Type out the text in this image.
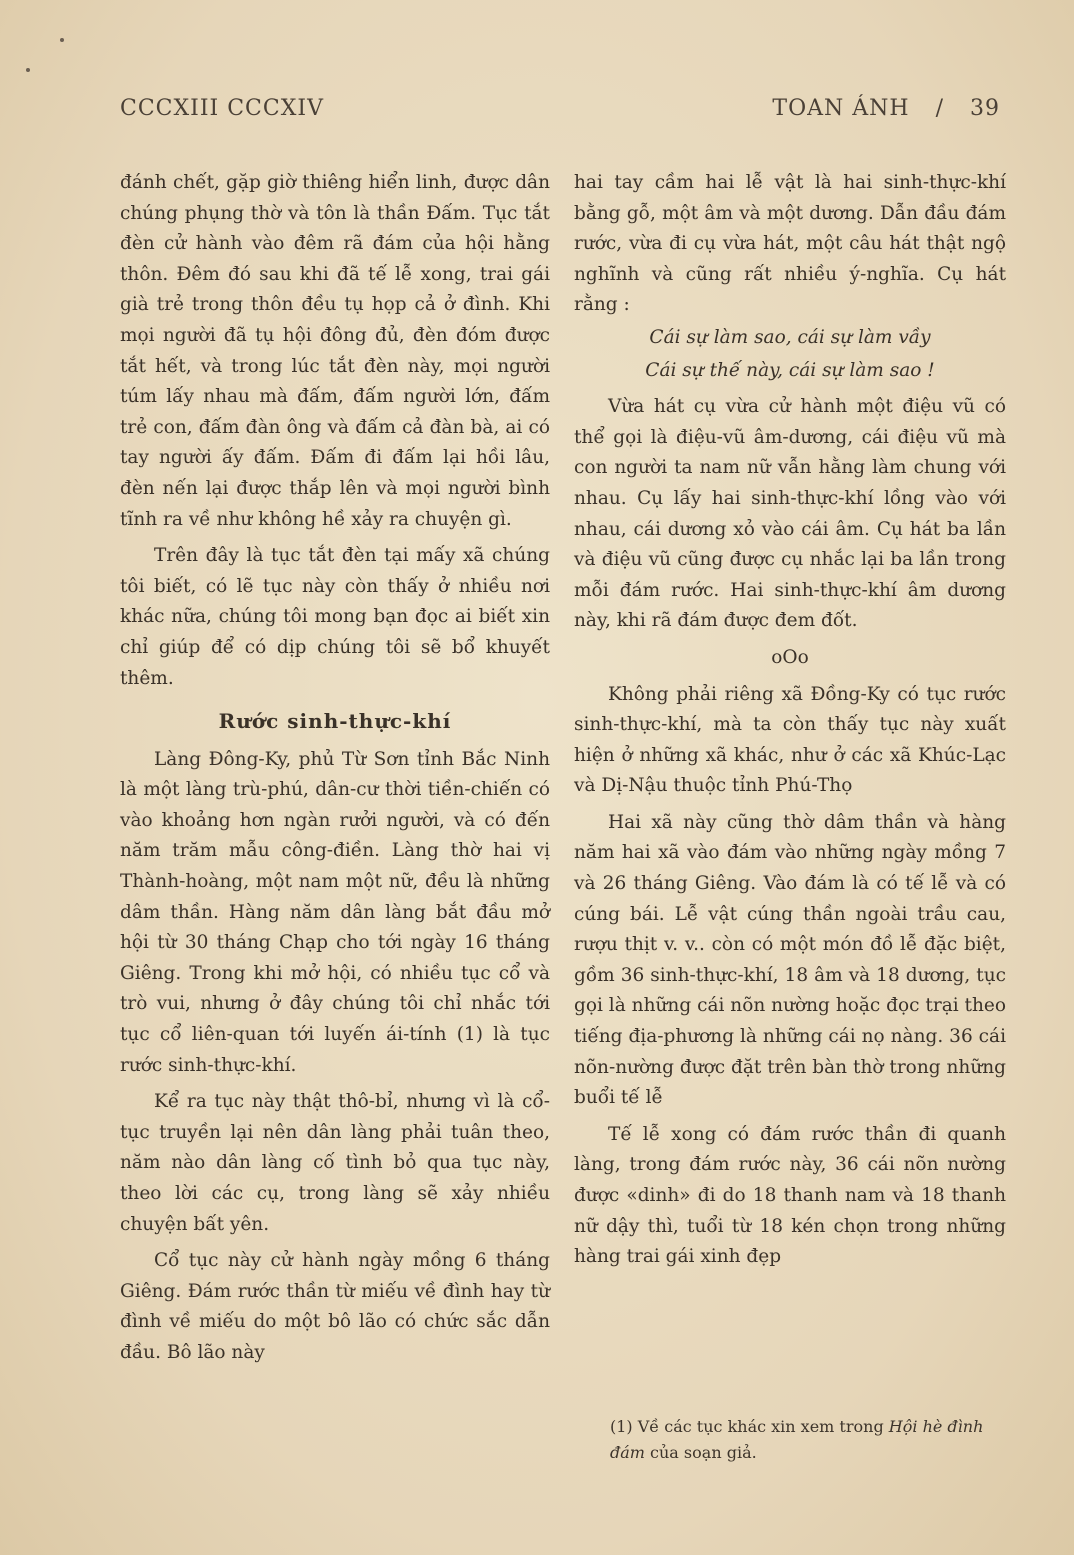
CCCXIII CCCXIV	TOAN ÁNH / 39

đánh chết, gặp giờ thiêng hiển linh, được dân chúng phụng thờ và tôn là thần Đấm. Tục tắt đèn cử hành vào đêm rã đám của hội hằng thôn. Đêm đó sau khi đã tế lễ xong, trai gái già trẻ trong thôn đều tụ họp cả ở đình. Khi mọi người đã tụ hội đông đủ, đèn đóm được tắt hết, và trong lúc tắt đèn này, mọi người túm lấy nhau mà đấm, đấm người lớn, đấm trẻ con, đấm đàn ông và đấm cả đàn bà, ai có tay người ấy đấm. Đấm đi đấm lại hồi lâu, đèn nến lại được thắp lên và mọi người bình tĩnh ra về như không hề xảy ra chuyện gì.

Trên đây là tục tắt đèn tại mấy xã chúng tôi biết, có lẽ tục này còn thấy ở nhiều nơi khác nữa, chúng tôi mong bạn đọc ai biết xin chỉ giúp để có dịp chúng tôi sẽ bổ khuyết thêm.

Rước sinh-thực-khí

Làng Đông-Ky, phủ Từ Sơn tỉnh Bắc Ninh là một làng trù-phú, dân-cư thời tiền-chiến có vào khoảng hơn ngàn rưởi người, và có đến năm trăm mẫu công-điền. Làng thờ hai vị Thành-hoàng, một nam một nữ, đều là những dâm thần. Hàng năm dân làng bắt đầu mở hội từ 30 tháng Chạp cho tới ngày 16 tháng Giêng. Trong khi mở hội, có nhiều tục cổ và trò vui, nhưng ở đây chúng tôi chỉ nhắc tới tục cổ liên-quan tới luyến ái-tính (1) là tục rước sinh-thực-khí.

Kể ra tục này thật thô-bỉ, nhưng vì là cổ-tục truyền lại nên dân làng phải tuân theo, năm nào dân làng cố tình bỏ qua tục này, theo lời các cụ, trong làng sẽ xảy nhiều chuyện bất yên.

Cổ tục này cử hành ngày mồng 6 tháng Giêng. Đám rước thần từ miếu về đình hay từ đình về miếu do một bô lão có chức sắc dẫn đầu. Bô lão này

hai tay cầm hai lễ vật là hai sinh-thực-khí bằng gỗ, một âm và một dương. Dẫn đầu đám rước, vừa đi cụ vừa hát, một câu hát thật ngộ nghĩnh và cũng rất nhiều ý-nghĩa. Cụ hát rằng :

Cái sự làm sao, cái sự làm vầy
Cái sự thế này, cái sự làm sao !

Vừa hát cụ vừa cử hành một điệu vũ có thể gọi là điệu-vũ âm-dương, cái điệu vũ mà con người ta nam nữ vẫn hằng làm chung với nhau. Cụ lấy hai sinh-thực-khí lồng vào với nhau, cái dương xỏ vào cái âm. Cụ hát ba lần và điệu vũ cũng được cụ nhắc lại ba lần trong mỗi đám rước. Hai sinh-thực-khí âm dương này, khi rã đám được đem đốt.

oOo

Không phải riêng xã Đồng-Ky có tục rước sinh-thực-khí, mà ta còn thấy tục này xuất hiện ở những xã khác, như ở các xã Khúc-Lạc và Dị-Nậu thuộc tỉnh Phú-Thọ

Hai xã này cũng thờ dâm thần và hàng năm hai xã vào đám vào những ngày mồng 7 và 26 tháng Giêng. Vào đám là có tế lễ và có cúng bái. Lễ vật cúng thần ngoài trầu cau, rượu thịt v. v.. còn có một món đồ lễ đặc biệt, gồm 36 sinh-thực-khí, 18 âm và 18 dương, tục gọi là những cái nõn nường hoặc đọc trại theo tiếng địa-phương là những cái nọ nàng. 36 cái nõn-nường được đặt trên bàn thờ trong những buổi tế lễ

Tế lễ xong có đám rước thần đi quanh làng, trong đám rước này, 36 cái nõn nường được «dinh» đi do 18 thanh nam và 18 thanh nữ dậy thì, tuổi từ 18 kén chọn trong những hàng trai gái xinh đẹp

(1) Về các tục khác xin xem trong Hội hè đình đám của soạn giả.
